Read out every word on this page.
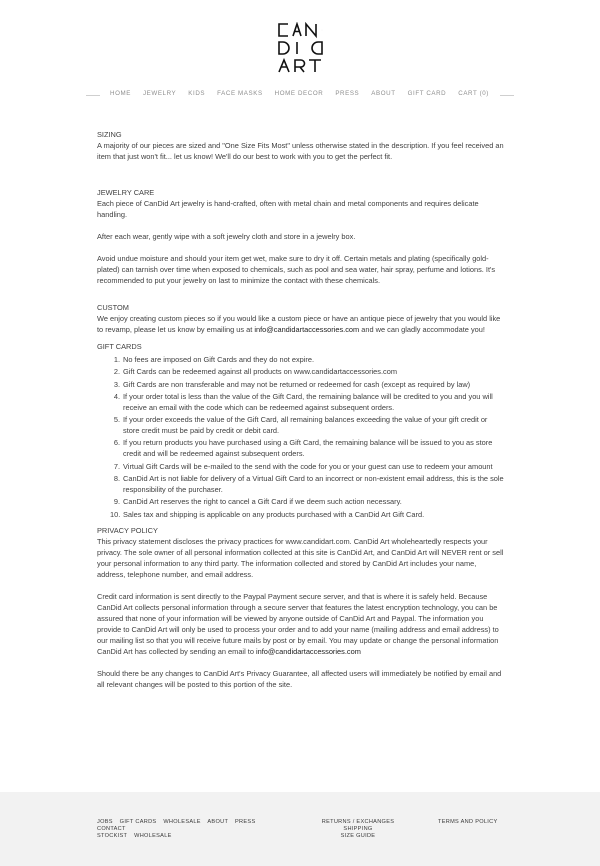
HOME JEWELRY KIDS FACE MASKS HOME DECOR PRESS ABOUT GIFT CARD CART (0)
SIZING

A majority of our pieces are sized and "One Size Fits Most" unless otherwise stated in the description. If you feel received an item that just won't fit... let us know! We'll do our best to work with you to get the perfect fit.

JEWELRY CARE

Each piece of CanDid Art jewelry is hand-crafted, often with metal chain and metal components and requires delicate handling.

After each wear, gently wipe with a soft jewelry cloth and store in a jewelry box.

Avoid undue moisture and should your item get wet, make sure to dry it off. Certain metals and plating (specifically gold-plated) can tarnish over time when exposed to chemicals, such as pool and sea water, hair spray, perfume and lotions. It's recommended to put your jewelry on last to minimize the contact with these chemicals.

CUSTOM

We enjoy creating custom pieces so if you would like a custom piece or have an antique piece of jewelry that you would like to revamp, please let us know by emailing us at info@candidartaccessories.com and we can gladly accommodate you!

GIFT CARDS
1. No fees are imposed on Gift Cards and they do not expire.
2. Gift Cards can be redeemed against all products on www.candidartaccessories.com
3. Gift Cards are non transferable and may not be returned or redeemed for cash (except as required by law)
4. If your order total is less than the value of the Gift Card, the remaining balance will be credited to you and you will receive an email with the code which can be redeemed against subsequent orders.
5. If your order exceeds the value of the Gift Card, all remaining balances exceeding the value of your gift credit or store credit must be paid by credit or debit card.
6. If you return products you have purchased using a Gift Card, the remaining balance will be issued to you as store credit and will be redeemed against subsequent orders.
7. Virtual Gift Cards will be e-mailed to the send with the code for you or your guest can use to redeem your amount
8. CanDid Art is not liable for delivery of a Virtual Gift Card to an incorrect or non-existent email address, this is the sole responsibility of the purchaser.
9. CanDid Art reserves the right to cancel a Gift Card if we deem such action necessary.
10. Sales tax and shipping is applicable on any products purchased with a CanDid Art Gift Card.
PRIVACY POLICY

This privacy statement discloses the privacy practices for www.candidart.com. CanDid Art wholeheartedly respects your privacy. The sole owner of all personal information collected at this site is CanDid Art, and CanDid Art will NEVER rent or sell your personal information to any third party. The information collected and stored by CanDid Art includes your name, address, telephone number, and email address.

Credit card information is sent directly to the Paypal Payment secure server, and that is where it is safely held. Because CanDid Art collects personal information through a secure server that features the latest encryption technology, you can be assured that none of your information will be viewed by anyone outside of CanDid Art and Paypal. The information you provide to CanDid Art will only be used to process your order and to add your name (mailing address and email address) to our mailing list so that you will receive future mails by post or by email. You may update or change the personal information CanDid Art has collected by sending an email to info@candidartaccessories.com

Should there be any changes to CanDid Art's Privacy Guarantee, all affected users will immediately be notified by email and all relevant changes will be posted to this portion of the site.

JOBS GIFT CARDS WHOLESALE ABOUT PRESS CONTACT
STOCKIST WHOLESALE
RETURNS / EXCHANGES SHIPPING
SIZE GUIDE
TERMS AND POLICY
